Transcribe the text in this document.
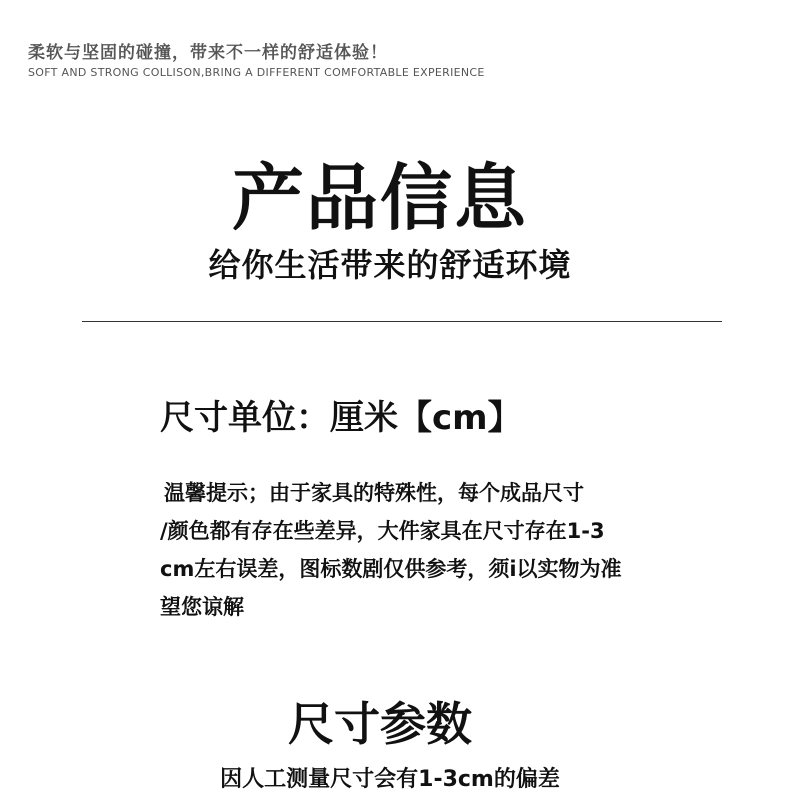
柔软与坚固的碰撞，带来不一样的舒适体验！
SOFT AND STRONG COLLISON,BRING A DIFFERENT COMFORTABLE EXPERIENCE
产品信息
给你生活带来的舒适环境
尺寸单位：厘米【cm】
温馨提示；由于家具的特殊性，每个成品尺寸
/颜色都有存在些差异，大件家具在尺寸存在1-3
cm左右误差，图标数剧仅供参考，须i以实物为准
望您谅解
尺寸参数
因人工测量尺寸会有1-3cm的偏差
